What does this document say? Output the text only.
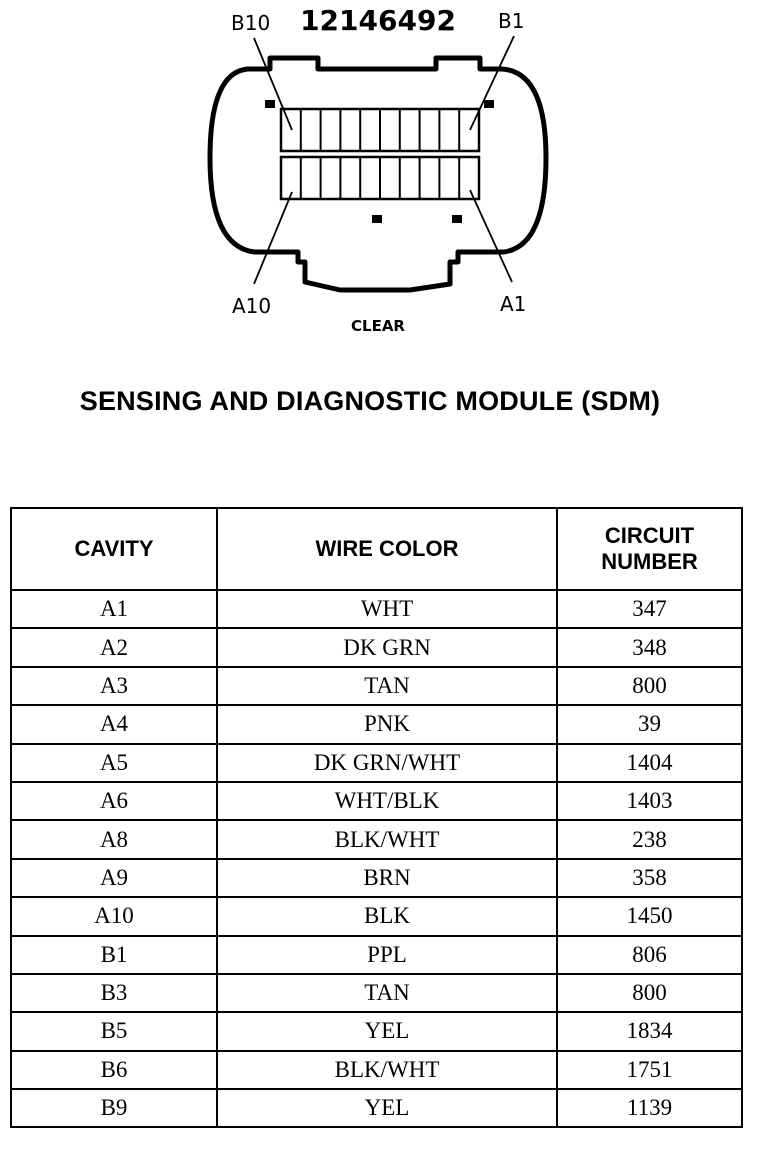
B10 12146492 B1
A10	A1
CLEAR
SENSING AND DIAGNOSTIC MODULE (SDM)
CAVITY	WIRE COLOR	CIRCUIT
NUMBER

A1	WHT	347
A2	DK GRN	348
A3	TAN	800
A4	PNK	39
A5	DK GRN/WHT	1404
A6	WHT/BLK	1403
A8	BLK/WHT	238
A9	BRN	358
A10	BLK	1450
B1	PPL	806
B3	TAN	800
B5	YEL	1834
B6	BLK/WHT	1751
B9	YEL	1139
